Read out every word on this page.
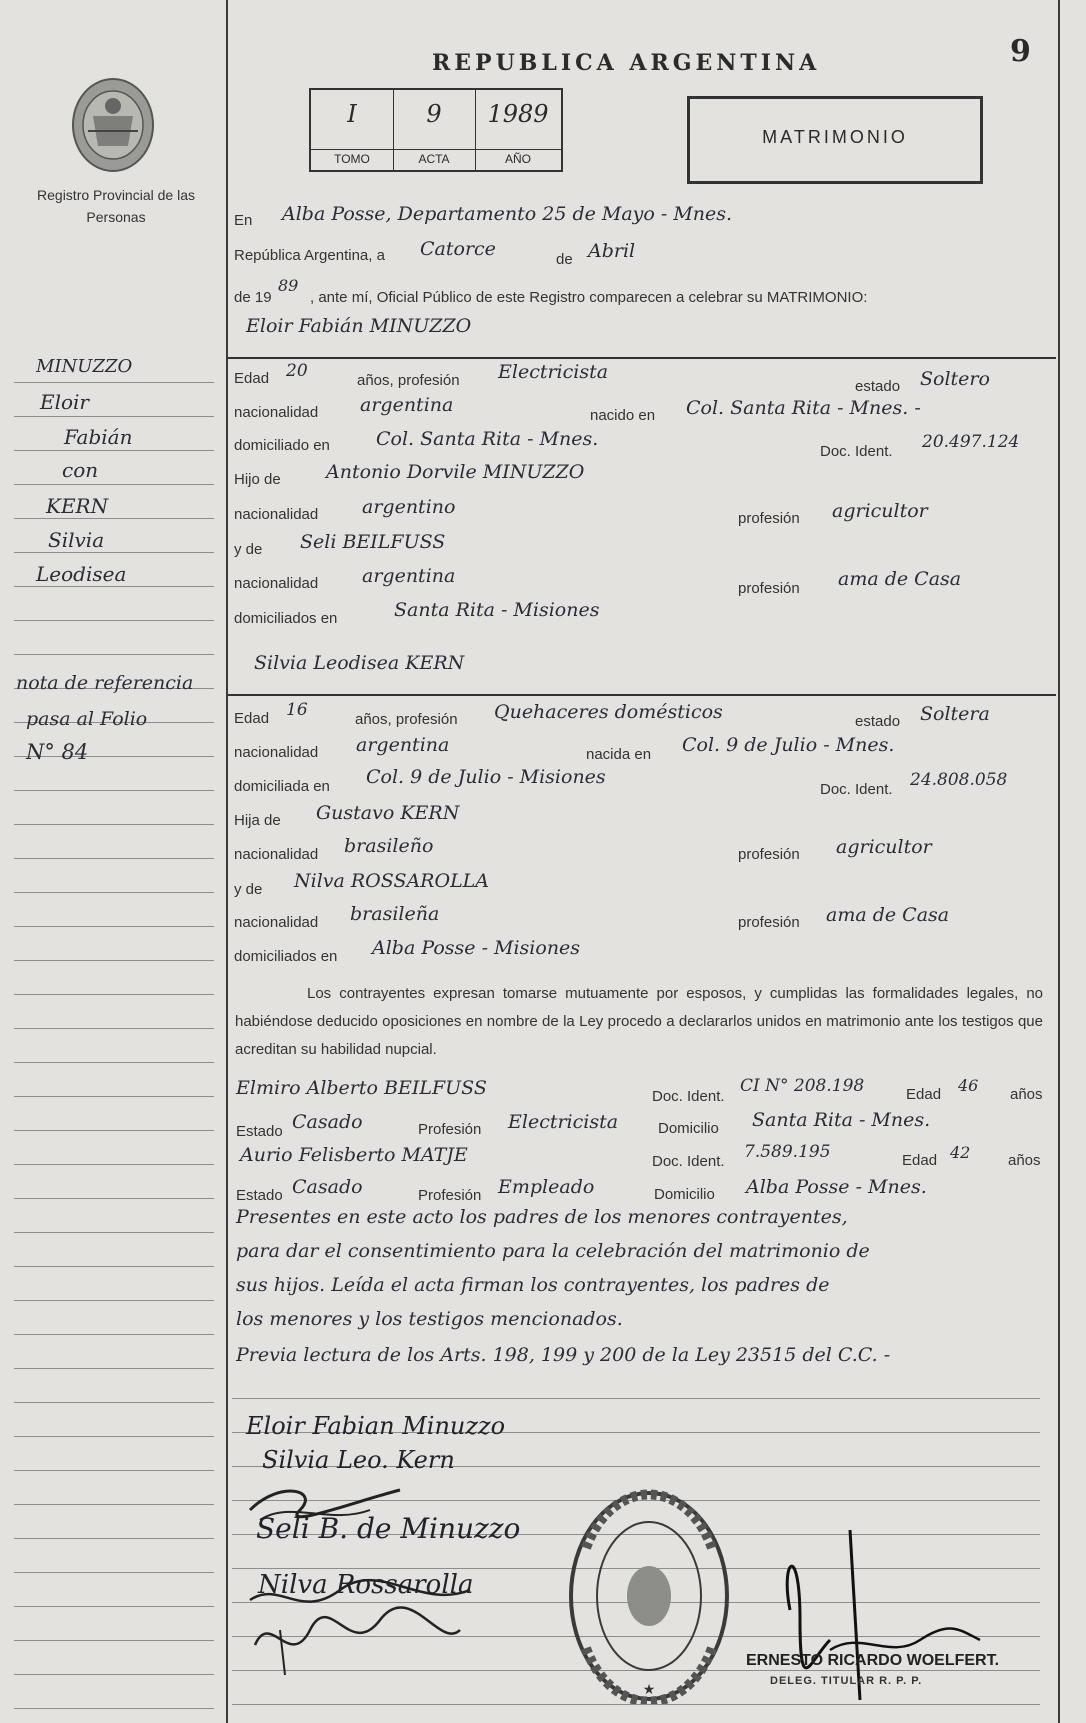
REPUBLICA ARGENTINA	9
Registro Provincial de las Personas
I
TOMO
9
ACTA
1989
AÑO
MATRIMONIO
En Alba Posse, Departamento 25 de Mayo - Mnes.
República Argentina, a Catorce	de Abril
de 19
89
, ante mí, Oficial Público de este Registro comparecen a celebrar su MATRIMONIO:
Eloir Fabián MINUZZO
Edad 20	años, profesión Electricista
estado Soltero
nacionalidad argentina	nacido en Col. Santa Rita - Mnes. -
domiciliado en Col. Santa Rita - Mnes.
Doc. Ident. 20.497.124
Hijo de Antonio Dorvile MINUZZO
nacionalidad argentino
profesión agricultor
y de Seli BEILFUSS
nacionalidad argentina
profesión ama de Casa
domiciliados en	Santa Rita - Misiones
Silvia Leodisea KERN
Edad 16	años, profesión Quehaceres domésticos	estado Soltera
nacionalidad argentina	nacida en Col. 9 de Julio - Mnes.
domiciliada en Col. 9 de Julio - Misiones
Doc. Ident. 24.808.058
Hija de Gustavo KERN
nacionalidad brasileño	profesión agricultor
y de Nilva ROSSAROLLA
nacionalidad brasileña	profesión ama de Casa
domiciliados en Alba Posse - Misiones
Los contrayentes expresan tomarse mutuamente por esposos, y cumplidas las formalidades legales, no habiéndose deducido oposiciones en nombre de la Ley procedo a declararlos unidos en matrimonio ante los testigos que acreditan su habilidad nupcial.
Elmiro Alberto BEILFUSS	Doc. Ident.
CI N° 208.198	Edad 46 años
Estado Casado	Profesión Electricista	Domicilio Santa Rita - Mnes.
Aurio Felisberto MATJE	Doc. Ident. 7.589.195	Edad 42	años
Estado Casado	Profesión Empleado	Domicilio Alba Posse - Mnes.
Presentes en este acto los padres de los menores contrayentes,
para dar el consentimiento para la celebración del matrimonio de
sus hijos. Leída el acta firman los contrayentes, los padres de
los menores y los testigos mencionados.
Previa lectura de los Arts. 198, 199 y 200 de la Ley 23515 del C.C. -
MINUZZO
Eloir
Fabián
con
KERN
Silvia
Leodisea
nota de referencia
pasa al Folio
N° 84
Eloir Fabian Minuzzo
Silvia Leo. Kern
Seli B. de Minuzzo
Nilva Rossarolla
★
ERNESTO RICARDO WOELFERT.
DELEG. TITULAR R. P. P.
